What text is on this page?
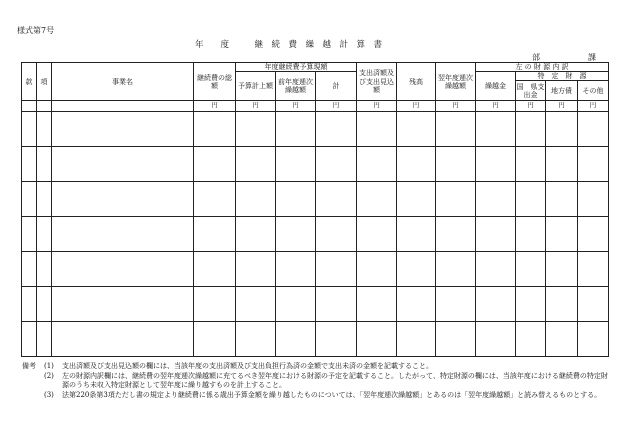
様式第7号
年　　度　　　継　続　費　繰　越　計　算　書
部　　　　　　課
款	項	事業名	継続費の総額	年度継続費予算現額			支出済額及び支出見込額	残高	翌年度逓次繰越額	左 の 財 源 内 訳			
				予算計上額	前年度逓次繰越額	計				繰越金	特　定　財　源		
											国　県支出金	地方債	その他
			円	円	円	円	円	円	円	円	円	円	円

備考	(1)	支出済額及び支出見込額の欄には、当該年度の支出済額及び支出負担行為済の金額で支出未済の金額を記載すること。
(2)	左の財源内訳欄には、継続費の翌年度逓次繰越額に充てるべき翌年度における財源の予定を記載すること。したがって、特定財源の欄には、当該年度における継続費の特定財源のうち未収入特定財源として翌年度に繰り越すものを計上すること。
(3)	法第220条第3項ただし書の規定より継続費に係る歳出予算金額を繰り越したものについては、「翌年度逓次繰越額」とあるのは「翌年度繰越額」と読み替えるものとする。
